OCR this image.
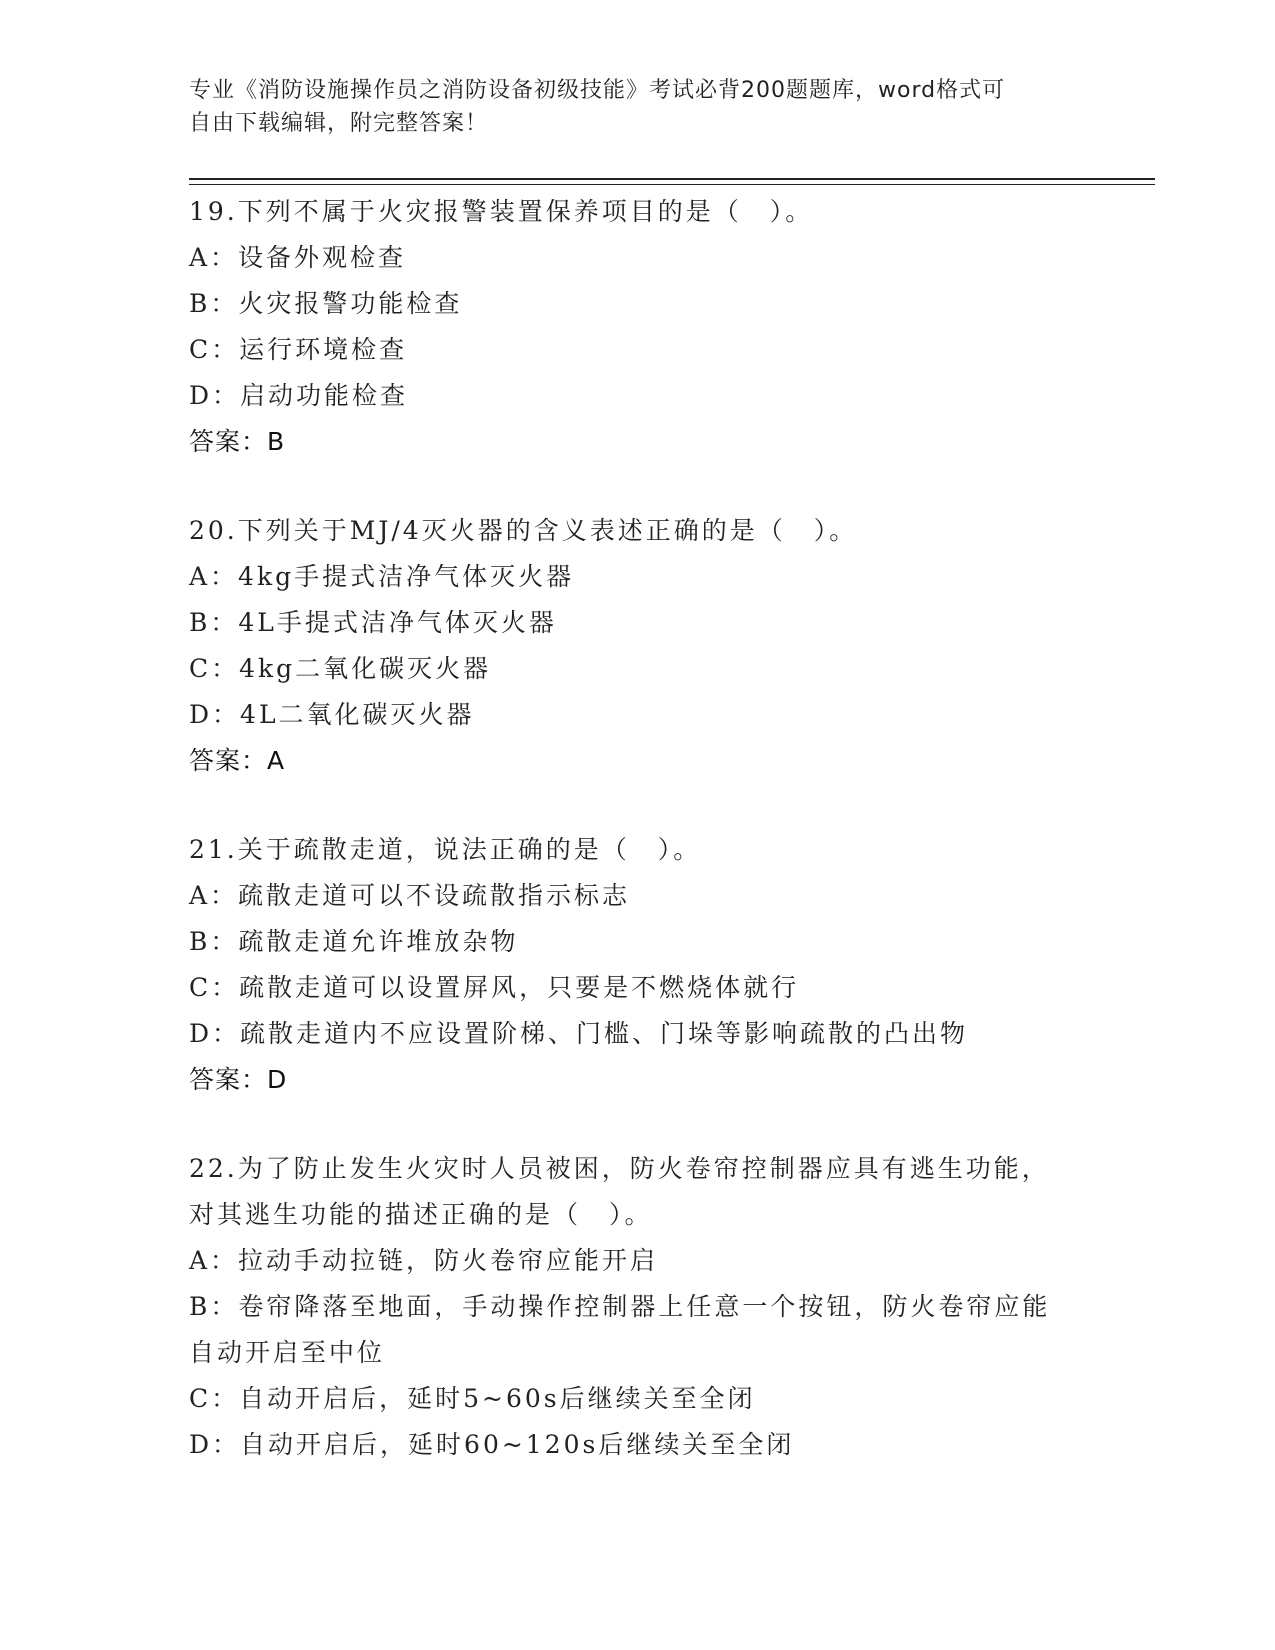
专业《消防设施操作员之消防设备初级技能》考试必背200题题库，word格式可
自由下载编辑，附完整答案！
19.下列不属于火灾报警装置保养项目的是（　）。
A：设备外观检查
B：火灾报警功能检查
C：运行环境检查
D：启动功能检查
答案：B
20.下列关于MJ/4灭火器的含义表述正确的是（　）。
A：4kg手提式洁净气体灭火器
B：4L手提式洁净气体灭火器
C：4kg二氧化碳灭火器
D：4L二氧化碳灭火器
答案：A
21.关于疏散走道，说法正确的是（　）。
A：疏散走道可以不设疏散指示标志
B：疏散走道允许堆放杂物
C：疏散走道可以设置屏风，只要是不燃烧体就行
D：疏散走道内不应设置阶梯、门槛、门垛等影响疏散的凸出物
答案：D
22.为了防止发生火灾时人员被困，防火卷帘控制器应具有逃生功能，
对其逃生功能的描述正确的是（　）。
A：拉动手动拉链，防火卷帘应能开启
B：卷帘降落至地面，手动操作控制器上任意一个按钮，防火卷帘应能
自动开启至中位
C：自动开启后，延时5~60s后继续关至全闭
D：自动开启后，延时60~120s后继续关至全闭
